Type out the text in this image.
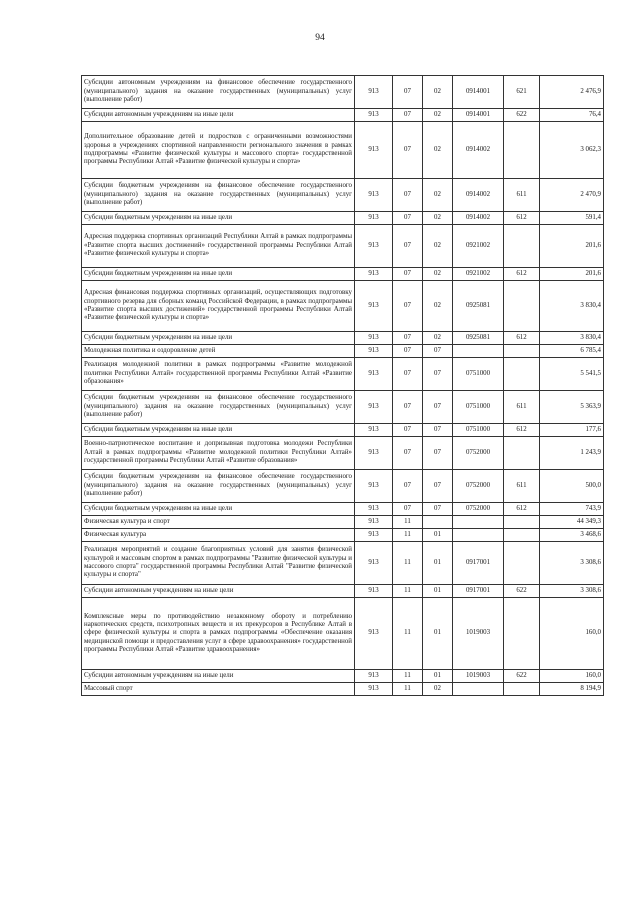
94
Субсидии автономным учреждениям на финансовое обеспечение государственного (муниципального) задания на оказание государственных (муниципальных) услуг (выполнение работ)	913	07	02	0914001	621	2 476,9
Субсидии автономным учреждениям на иные цели	913	07	02	0914001	622	76,4
Дополнительное образование детей и подростков с ограниченными возможностями здоровья в учреждениях спортивной направленности регионального значения в рамках подпрограммы «Развитие физической культуры и массового спорта» государственной программы Республики Алтай «Развитие физической культуры и спорта»	913	07	02	0914002		3 062,3
Субсидии бюджетным учреждениям на финансовое обеспечение государственного (муниципального) задания на оказание государственных (муниципальных) услуг (выполнение работ)	913	07	02	0914002	611	2 470,9
Субсидии бюджетным учреждениям на иные цели	913	07	02	0914002	612	591,4
Адресная поддержка спортивных организаций Республики Алтай в рамках подпрограммы «Развитие спорта высших достижений» государственной программы Республики Алтай «Развитие физической культуры и спорта»	913	07	02	0921002		201,6
Субсидии бюджетным учреждениям на иные цели	913	07	02	0921002	612	201,6
Адресная финансовая поддержка спортивных организаций, осуществляющих подготовку спортивного резерва для сборных команд Российской Федерации, в рамках подпрограммы «Развитие спорта высших достижений» государственной программы Республики Алтай «Развитие физической культуры и спорта»	913	07	02	0925081		3 830,4
Субсидии бюджетным учреждениям на иные цели	913	07	02	0925081	612	3 830,4
Молодежная политика и оздоровление детей	913	07	07			6 785,4
Реализация молодежной политики в рамках подпрограммы «Развитие молодежной политики Республики Алтай» государственной программы Республики Алтай «Развитие образования»	913	07	07	0751000		5 541,5
Субсидии бюджетным учреждениям на финансовое обеспечение государственного (муниципального) задания на оказание государственных (муниципальных) услуг (выполнение работ)	913	07	07	0751000	611	5 363,9
Субсидии бюджетным учреждениям на иные цели	913	07	07	0751000	612	177,6
Военно-патриотическое воспитание и допризывная подготовка молодежи Республики Алтай в рамках подпрограммы «Развитие молодежной политики Республики Алтай» государственной программы Республики Алтай «Развитие образования»	913	07	07	0752000		1 243,9
Субсидии бюджетным учреждениям на финансовое обеспечение государственного (муниципального) задания на оказание государственных (муниципальных) услуг (выполнение работ)	913	07	07	0752000	611	500,0
Субсидии бюджетным учреждениям на иные цели	913	07	07	0752000	612	743,9
Физическая культура и спорт	913	11				44 349,3
Физическая культура	913	11	01			3 468,6
Реализация мероприятий и создание благоприятных условий для занятия физической культурой и массовым спортом в рамках подпрограммы "Развитие физической культуры и массового спорта" государственной программы Республики Алтай "Развитие физической культуры и спорта"	913	11	01	0917001		3 308,6
Субсидии автономным учреждениям на иные цели	913	11	01	0917001	622	3 308,6
Комплексные меры по противодействию незаконному обороту и потреблению наркотических средств, психотропных веществ и их прекурсоров в Республике Алтай в сфере физической культуры и спорта в рамках подпрограммы «Обеспечение оказания медицинской помощи и предоставления услуг в сфере здравоохранения» государственной программы Республики Алтай «Развитие здравоохранения»	913	11	01	1019003		160,0
Субсидии автономным учреждениям на иные цели	913	11	01	1019003	622	160,0
Массовый спорт	913	11	02			8 194,9
